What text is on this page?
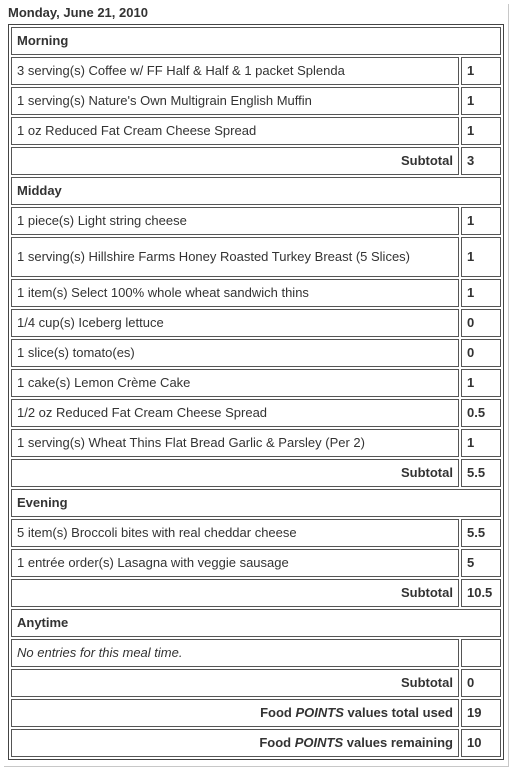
Monday, June 21, 2010
Morning	
3 serving(s) Coffee w/ FF Half & Half & 1 packet Splenda	1
1 serving(s) Nature's Own Multigrain English Muffin	1
1 oz Reduced Fat Cream Cheese Spread	1
Subtotal	3
Midday	
1 piece(s) Light string cheese	1
1 serving(s) Hillshire Farms Honey Roasted Turkey Breast (5 Slices)	1
1 item(s) Select 100% whole wheat sandwich thins	1
1/4 cup(s) Iceberg lettuce	0
1 slice(s) tomato(es)	0
1 cake(s) Lemon Crème Cake	1
1/2 oz Reduced Fat Cream Cheese Spread	0.5
1 serving(s) Wheat Thins Flat Bread Garlic & Parsley (Per 2)	1
Subtotal	5.5
Evening	
5 item(s) Broccoli bites with real cheddar cheese	5.5
1 entrée order(s) Lasagna with veggie sausage	5
Subtotal	10.5
Anytime	
No entries for this meal time.	
Subtotal	0
Food POINTS values total used	19
Food POINTS values remaining	10
